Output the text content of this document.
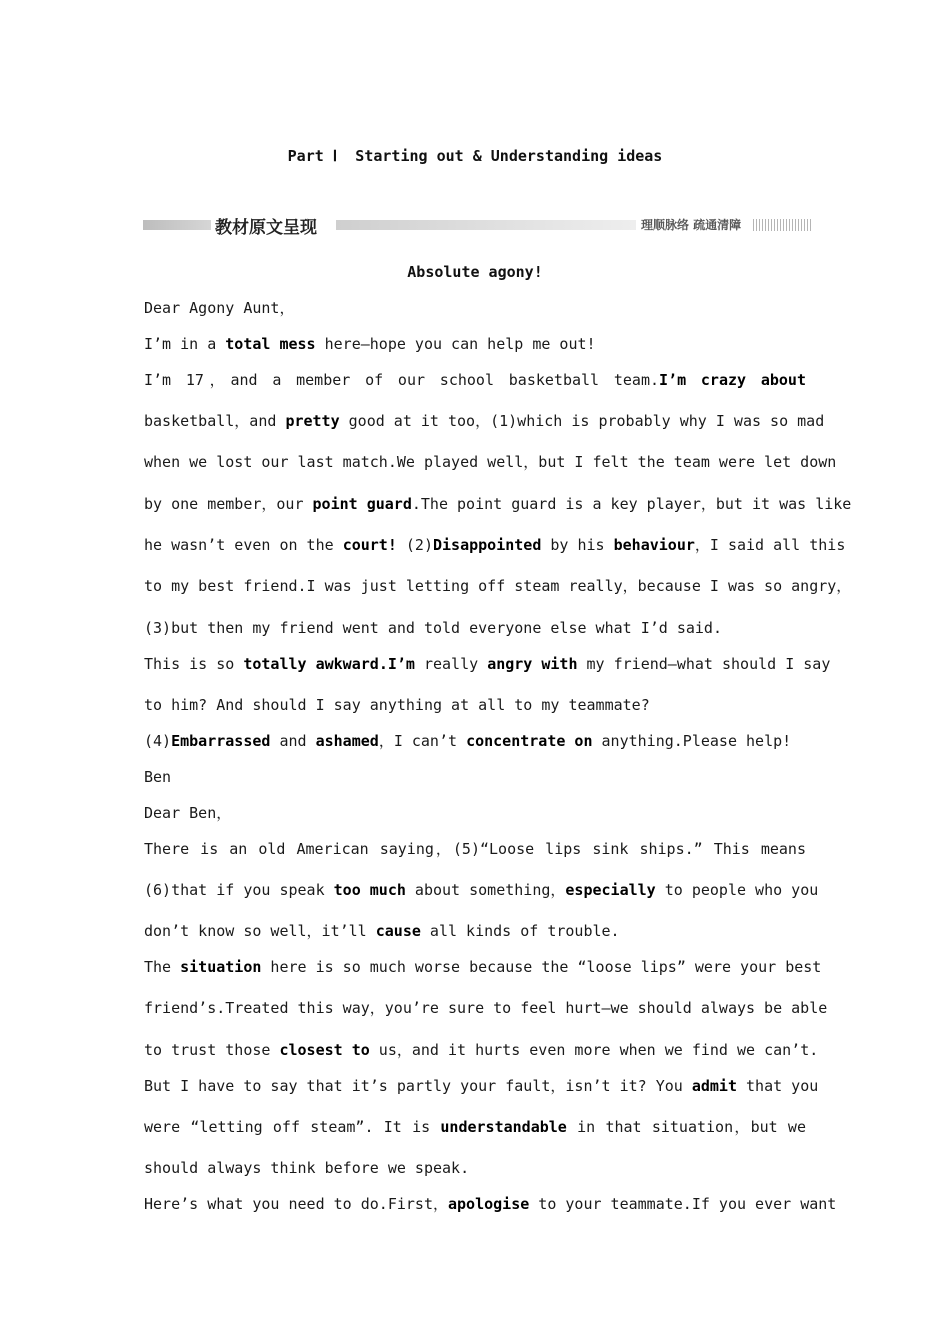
Part Ⅰ  Starting out & Understanding ideas
教材原文呈现	理顺脉络 疏通清障
Absolute agony!
Dear Agony Aunt，
I’m in a total mess here—hope you can help me out!
I’m 17，and a member of our school basketball team.I’m crazy about
basketball，and pretty good at it too，(1)which is probably why I was so mad
when we lost our last match.We played well，but I felt the team were let down
by one member，our point guard.The point guard is a key player，but it was like
he wasn’t even on the court! (2)Disappointed by his behaviour，I said all this
to my best friend.I was just letting off steam really，because I was so angry，
(3)but then my friend went and told everyone else what I’d said.
This is so totally awkward.I’m really angry with my friend—what should I say
to him? And should I say anything at all to my teammate?
(4)Embarrassed and ashamed，I can’t concentrate on anything.Please help!
Ben
Dear Ben，
There is an old American saying，(5)“Loose lips sink ships.” This means
(6)that if you speak too much about something，especially to people who you
don’t know so well，it’ll cause all kinds of trouble.
The situation here is so much worse because the “loose lips” were your best
friend’s.Treated this way，you’re sure to feel hurt—we should always be able
to trust those closest to us，and it hurts even more when we find we can’t.
But I have to say that it’s partly your fault，isn’t it? You admit that you
were “letting off steam”. It is understandable in that situation，but we
should always think before we speak.
Here’s what you need to do.First，apologise to your teammate.If you ever want
